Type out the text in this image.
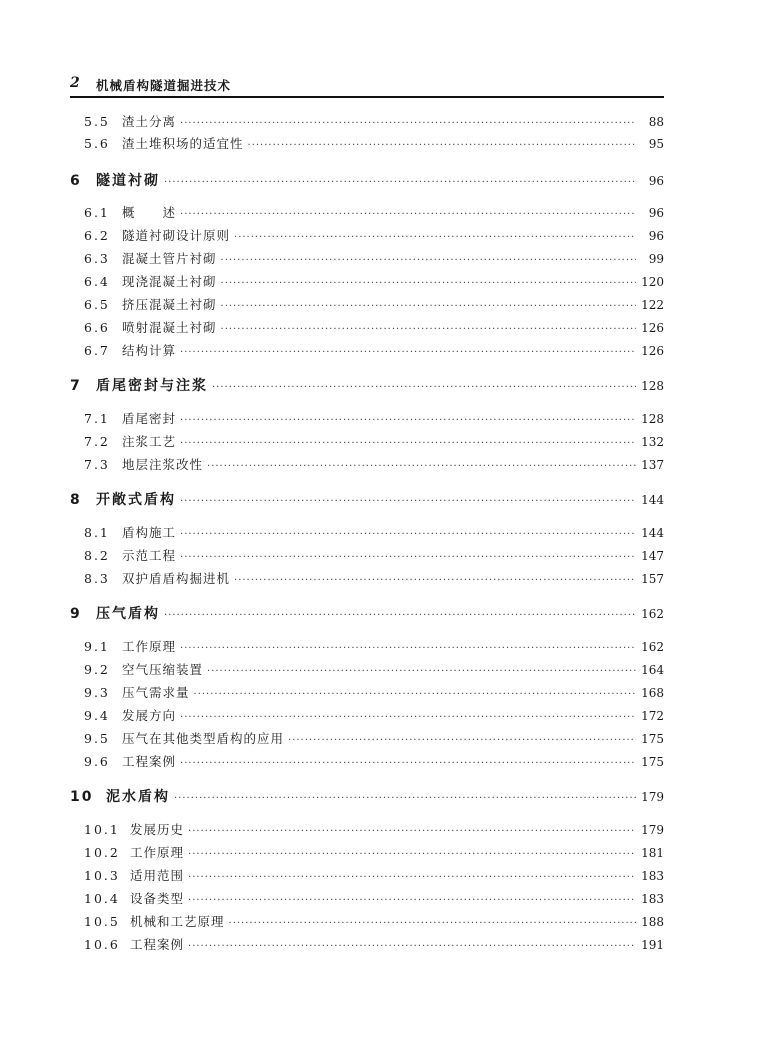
2 机械盾构隧道掘进技术
5.5 渣土分离 ·····	88
5.6 渣土堆积场的适宜性 ·····	95
6	隧道衬砌 ·····	96
6.1 概　　述 ·····	96
6.2 隧道衬砌设计原则 ·····	96
6.3 混凝土管片衬砌 ·····	99
6.4 现浇混凝土衬砌 ·····	120
6.5 挤压混凝土衬砌 ·····	122
6.6 喷射混凝土衬砌 ·····	126
6.7 结构计算 ·····	126
7	盾尾密封与注浆 ·····	128
7.1 盾尾密封 ·····	128
7.2 注浆工艺 ·····	132
7.3 地层注浆改性 ·····	137
8	开敞式盾构 ·····	144
8.1 盾构施工 ·····	144
8.2 示范工程 ·····	147
8.3 双护盾盾构掘进机 ·····	157
9	压气盾构 ·····	162
9.1 工作原理 ·····	162
9.2 空气压缩装置 ·····	164
9.3 压气需求量 ·····	168
9.4 发展方向 ·····	172
9.5 压气在其他类型盾构的应用 ·····	175
9.6 工程案例 ·····	175
10 泥水盾构 ·····	179
10.1 发展历史 ·····	179
10.2 工作原理 ·····	181
10.3 适用范围 ·····	183
10.4 设备类型 ·····	183
10.5 机械和工艺原理 ·····	188
10.6 工程案例 ·····	191
